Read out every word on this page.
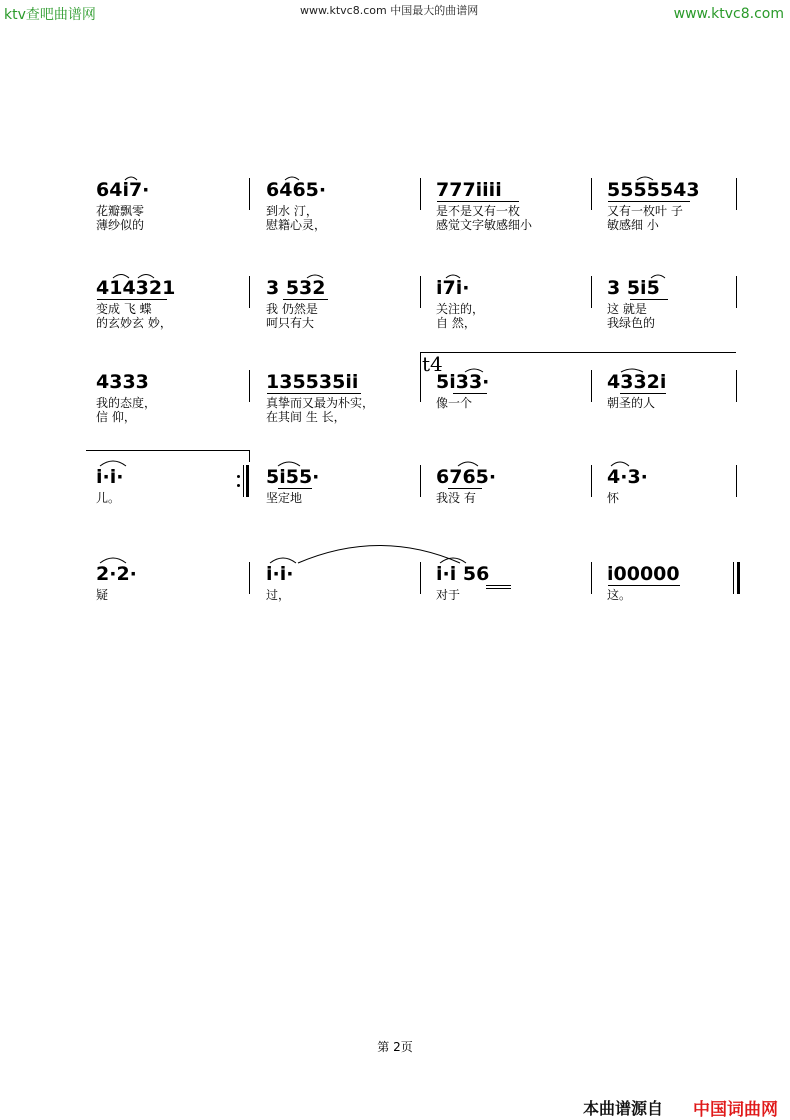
ktv查吧曲谱网	www.ktvc8.com 中国最大的曲谱网	www.ktvc8.com
64i7·
花瓣飘零
薄纱似的
6465·
到水 汀，
慰籍心灵，
777iiii
是不是又有一枚
感觉文字敏感细小
5555543
又有一枚叶 子
敏感细 小
414321
变成 飞 蝶
的玄妙玄 妙，
3 532
我 仍然是
呵只有大
i7i·
关注的，
自 然，
3 5i5
这 就是
我绿色的
t4
4333
我的态度，
信 仰，
135535ii
真挚而又最为朴实，
在其间 生 长，
5i33·
像一个
4332i
朝圣的人
i·i·
儿。
5i55·
坚定地
6765·
我没 有
4·3·
怀
2·2·
疑
i·i·
过，
i·i 56
对于
i00000
这。
第 2页
本曲谱源自 中国词曲网
